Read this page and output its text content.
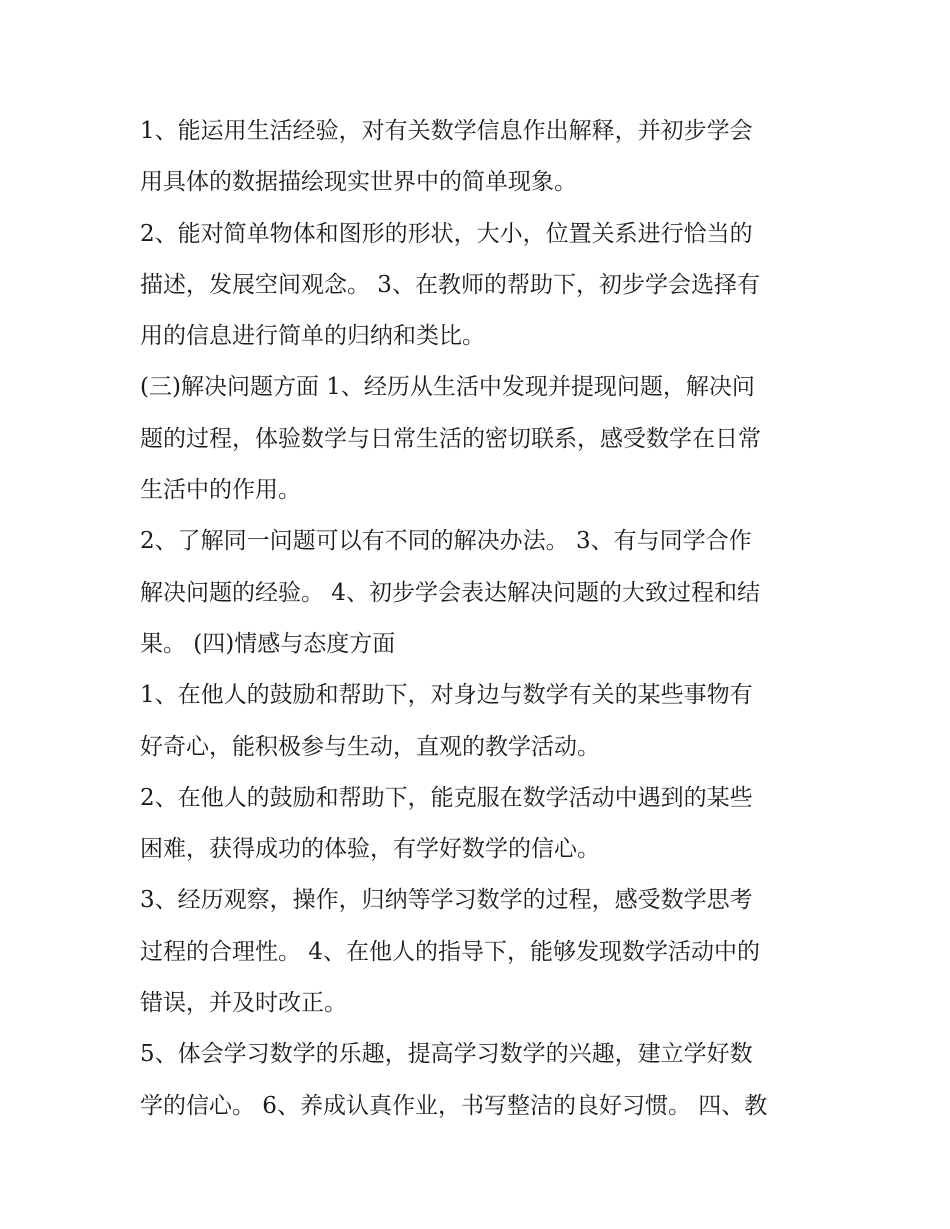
1、能运用生活经验，对有关数学信息作出解释，并初步学会
用具体的数据描绘现实世界中的简单现象。
2、能对简单物体和图形的形状，大小，位置关系进行恰当的
描述，发展空间观念。 3、在教师的帮助下，初步学会选择有
用的信息进行简单的归纳和类比。
(三)解决问题方面 1、经历从生活中发现并提现问题，解决问
题的过程，体验数学与日常生活的密切联系，感受数学在日常
生活中的作用。
2、了解同一问题可以有不同的解决办法。 3、有与同学合作
解决问题的经验。 4、初步学会表达解决问题的大致过程和结
果。 (四)情感与态度方面
1、在他人的鼓励和帮助下，对身边与数学有关的某些事物有
好奇心，能积极参与生动，直观的教学活动。
2、在他人的鼓励和帮助下，能克服在数学活动中遇到的某些
困难，获得成功的体验，有学好数学的信心。
3、经历观察，操作，归纳等学习数学的过程，感受数学思考
过程的合理性。 4、在他人的指导下，能够发现数学活动中的
错误，并及时改正。
5、体会学习数学的乐趣，提高学习数学的兴趣，建立学好数
学的信心。 6、养成认真作业，书写整洁的良好习惯。 四、教
